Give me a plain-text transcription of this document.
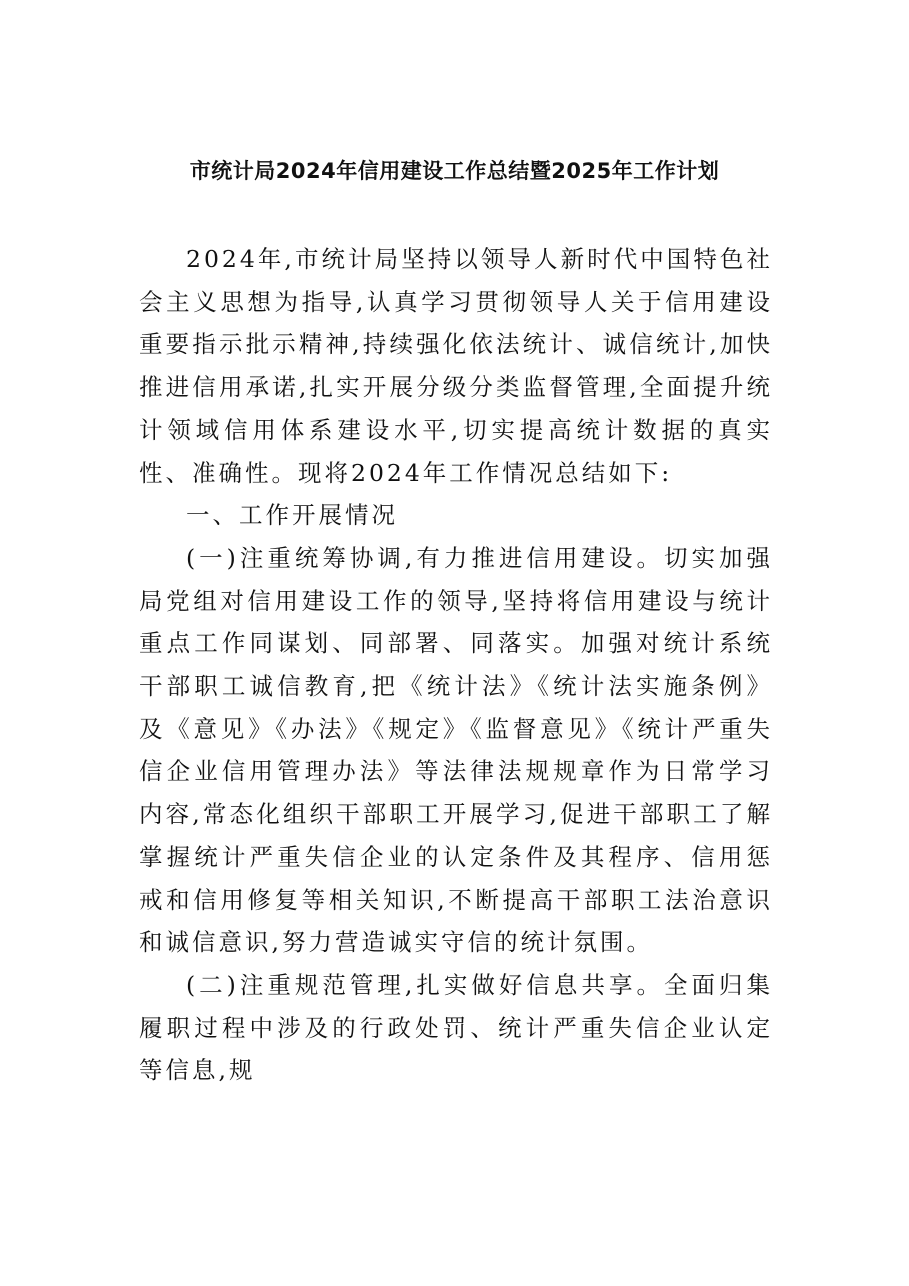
市统计局2024年信用建设工作总结暨2025年工作计划

2024年,市统计局坚持以领导人新时代中国特色社会主义思想为指导,认真学习贯彻领导人关于信用建设重要指示批示精神,持续强化依法统计、诚信统计,加快推进信用承诺,扎实开展分级分类监督管理,全面提升统计领域信用体系建设水平,切实提高统计数据的真实性、准确性。现将2024年工作情况总结如下:

一、工作开展情况

(一)注重统筹协调,有力推进信用建设。切实加强局党组对信用建设工作的领导,坚持将信用建设与统计重点工作同谋划、同部署、同落实。加强对统计系统干部职工诚信教育,把《统计法》《统计法实施条例》及《意见》《办法》《规定》《监督意见》《统计严重失信企业信用管理办法》等法律法规规章作为日常学习内容,常态化组织干部职工开展学习,促进干部职工了解掌握统计严重失信企业的认定条件及其程序、信用惩戒和信用修复等相关知识,不断提高干部职工法治意识和诚信意识,努力营造诚实守信的统计氛围。

(二)注重规范管理,扎实做好信息共享。全面归集履职过程中涉及的行政处罚、统计严重失信企业认定等信息,规
